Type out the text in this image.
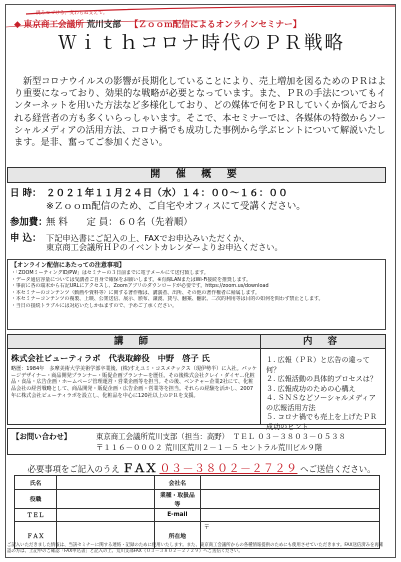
挑みつづける、変わらぬ支えで。
◆ 東京商工会議所 荒川支部 【Ｚｏｏｍ配信によるオンラインセミナー】
Ｗｉｔｈコロナ時代のＰＲ戦略
新型コロナウイルスの影響が長期化していることにより、売上増加を図るためのＰＲはより重要になっており、効果的な戦略が必要となっています。また、ＰＲの手法についてもインターネットを用いた方法など多様化しており、どの媒体で何をＰＲしていくか悩んでおられる経営者の方も多くいらっしゃいます。そこで、本セミナーでは、各媒体の特徴からソーシャルメディアの活用方法、コロナ禍でも成功した事例から学ぶヒントについて解説いたします。是非、奮ってご参加ください。
開 催 概 要
日 時： ２０２１年１１月２４日（水）１４：００～１６：００
※Ｚｏｏｍ配信のため、ご自宅やオフィスにて受講ください。
参加費：無 料　　定 員：６０名（先着順）
申 込： 下記申込書にご記入の上、FAXでお申込みいただくか、
東京商工会議所ＨＰのイベントカレンダーよりお申込ください。
【オンライン配信にあたっての注意事項】
・「ZOOMミーティングID/PW」はセミナーの３日前までに電子メールにて送付致します。
・データ通信容量については受講者ご自身で確保をお願いします。※有線LANまたはWi-Fi接続を推奨します。
・事前に各の端末から右記URLにアクセスし、Zoomアプリのダウンロードが必要です。https://zoom.us/download
・本セミナーのコンテンツ（動画や資料等）に関する著作権は、講演者、出所、その他の著作権者に帰属します。
・本セミナーコンテンツの複製、上映、公衆送信、展示、頒布、譲渡、貸与、翻案、翻訳、二次的利用等は目的の如何を問わず禁止とします。
・当日の接続トラブルには対応いたしかねますので、予めご了承ください。

講 師
株式会社ビューティラボ　代表取締役　中野　啓子 氏
略歴：1984年　多摩美術大学美術学部卒業後、(株)すえユミ・コスメチックス（現伊勢半）に入社。パッケージデザイナー・商品開発プランナー・販促企画プランナーを歴任。その後株式会社クレイ・ダイヤ…化粧品・食品・広告企画・ホームページ管理運営・営業企画等を担当。その後、ベンチャー企業2社にて、化粧品会社の経営戦略として、商品開発・販促企画・広告企画・営業等を担当。それらの経験を活かし、2007年に株式会社ビューティラボを設立し、化粧品を中心に120社以上のＰＲを支援。
内 容
１. 広報（ＰＲ）と広告の違って何？
２. 広報活動の具体的プロセスは？
３. 広報成功のための心構え
４. ＳＮＳなどソーシャルメディアの広報活用方法
５. コロナ禍でも売上を上げたＰＲ成功のヒント
【お問い合わせ】	東京商工会議所荒川支部（担当：高野）　ＴＥＬ ０３－３８０３－０５３８
〒１１６－０００２ 荒川区荒川２－１－５ セントラル荒川ビル９階
必要事項をご記入のうえ ＦＡＸ ０３－３８０２－２７２９ へご送信ください。
氏名		会社名	
役職		業種・取扱品等	
ＴＥＬ		E-mail	
ＦＡＸ		所在地	〒
ご記入いただきました情報は、当該セミナーに関する連絡・記録のために使用いたします。また、東京商工会議所からの各種情報提供のためにも使用させていただきます。FAX送信済みを再確認の方は、上記中のご確認「FAX申込書」と記入の上、荒川支部FAX（０３－３８０２－２７２９）へご送信ください。
